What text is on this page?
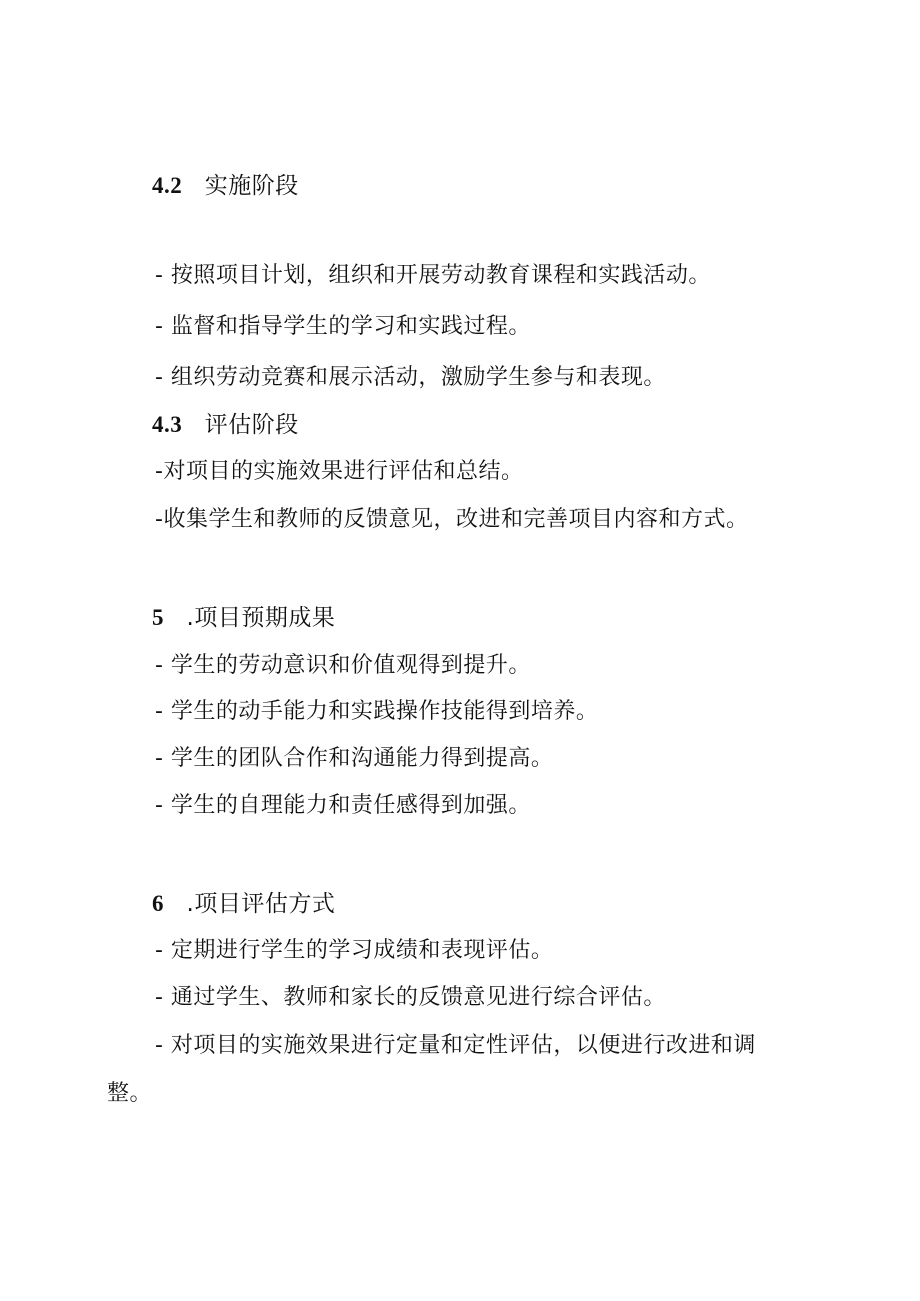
4.2 实施阶段
- 按照项目计划，组织和开展劳动教育课程和实践活动。
- 监督和指导学生的学习和实践过程。
- 组织劳动竞赛和展示活动，激励学生参与和表现。
4.3 评估阶段
-对项目的实施效果进行评估和总结。
-收集学生和教师的反馈意见，改进和完善项目内容和方式。
5 .项目预期成果
- 学生的劳动意识和价值观得到提升。
- 学生的动手能力和实践操作技能得到培养。
- 学生的团队合作和沟通能力得到提高。
- 学生的自理能力和责任感得到加强。
6 .项目评估方式
- 定期进行学生的学习成绩和表现评估。
- 通过学生、教师和家长的反馈意见进行综合评估。
- 对项目的实施效果进行定量和定性评估，以便进行改进和调
整。
